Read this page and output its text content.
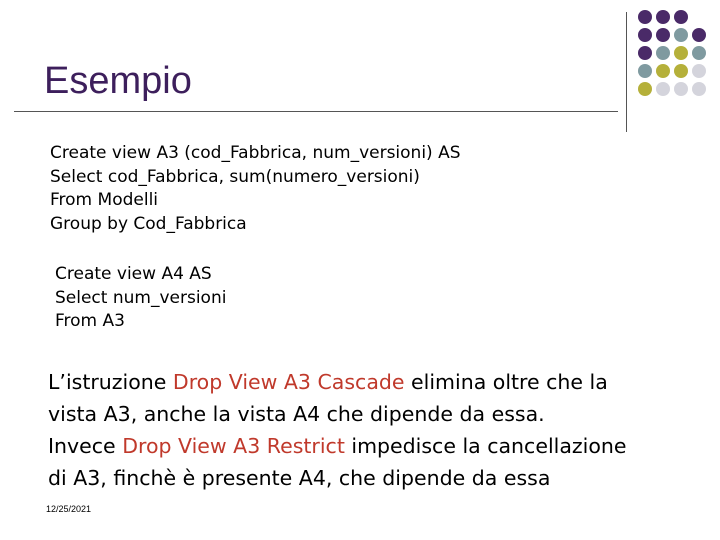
Esempio
Create view A3 (cod_Fabbrica, num_versioni) AS
Select cod_Fabbrica, sum(numero_versioni)
From Modelli
Group by Cod_Fabbrica
Create view A4 AS
Select num_versioni
From A3
L’istruzione Drop View A3 Cascade elimina oltre che la
vista A3, anche la vista A4 che dipende da essa.
Invece Drop View A3 Restrict impedisce la cancellazione
di A3, finchè è presente A4, che dipende da essa
12/25/2021
